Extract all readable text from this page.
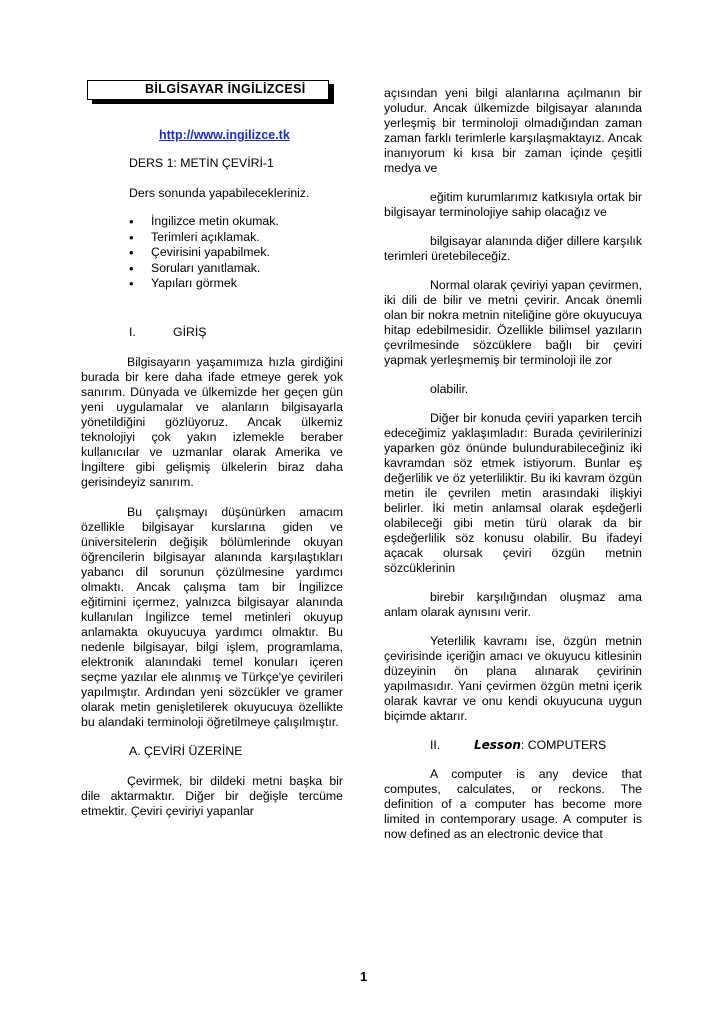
BİLGİSAYAR İNGİLİZCESİ

http://www.ingilizce.tk

DERS 1: METİN ÇEVİRİ-1

Ders sonunda yapabilecekleriniz.

• İngilizce metin okumak.
• Terimleri açıklamak.
• Çevirisini yapabilmek.
• Soruları yanıtlamak.
• Yapıları görmek

I.	GİRİŞ

Bilgisayarın yaşamımıza hızla girdiğini burada bir kere daha ifade etmeye gerek yok sanırım. Dünyada ve ülkemizde her geçen gün yeni uygulamalar ve alanların bilgisayarla yönetildiğini gözlüyoruz. Ancak ülkemiz teknolojiyi çok yakın izlemekle beraber kullanıcılar ve uzmanlar olarak Amerika ve İngiltere gibi gelişmiş ülkelerin biraz daha gerisindeyiz sanırım.

Bu çalışmayı düşünürken amacım özellikle bilgisayar kurslarına giden ve üniversitelerin değişik bölümlerinde okuyan öğrencilerin bilgisayar alanında karşılaştıkları yabancı dil sorunun çözülmesine yardımcı olmaktı. Ancak çalışma tam bir İngilizce eğitimini içermez, yalnızca bilgisayar alanında kullanılan İngilizce temel metinleri okuyup anlamakta okuyucuya yardımcı olmaktır. Bu nedenle bilgisayar, bilgi işlem, programlama, elektronik alanındaki temel konuları içeren seçme yazılar ele alınmış ve Türkçe'ye çevirileri yapılmıştır. Ardından yeni sözcükler ve gramer olarak metin genişletilerek okuyucuya özellikte bu alandaki terminoloji öğretilmeye çalışılmıştır.

A. ÇEVİRİ ÜZERİNE

Çevirmek, bir dildeki metni başka bir dile aktarmaktır. Diğer bir değişle tercüme etmektir. Çeviri çeviriyi yapanlar

açısından yeni bilgi alanlarına açılmanın bir yoludur. Ancak ülkemizde bilgisayar alanında yerleşmiş bir terminoloji olmadığından zaman zaman farklı terimlerle karşılaşmaktayız. Ancak inanıyorum ki kısa bir zaman içinde çeşitli medya ve

eğitim kurumlarımız katkısıyla ortak bir bilgisayar terminolojiye sahip olacağız ve

bilgisayar alanında diğer dillere karşılık terimleri üretebileceğiz.

Normal olarak çeviriyi yapan çevirmen, iki dili de bilir ve metni çevirir. Ancak önemli olan bir nokra metnin niteliğine göre okuyucuya hitap edebilmesidir. Özellikle bilimsel yazıların çevrilmesinde sözcüklere bağlı bir çeviri yapmak yerleşmemiş bir terminoloji ile zor

olabilir.

Diğer bir konuda çeviri yaparken tercih edeceğimiz yaklaşımladır: Burada çevirilerinizi yaparken göz önünde bulundurabileceğiniz iki kavramdan söz etmek istiyorum. Bunlar eş değerlilik ve öz yeterliliktir. Bu iki kavram özgün metin ile çevrilen metin arasındaki ilişkiyi belirler. İki metin anlamsal olarak eşdeğerli olabileceği gibi metin türü olarak da bir eşdeğerlilik söz konusu olabilir. Bu ifadeyi açacak olursak çeviri özgün metnin sözcüklerinin

birebir karşılığından oluşmaz ama anlam olarak aynısını verir.

Yeterlilik kavramı ise, özgün metnin çevirisinde içeriğin amacı ve okuyucu kitlesinin düzeyinin ön plana alınarak çevirinin yapılmasıdır. Yani çevirmen özgün metni içerik olarak kavrar ve onu kendi okuyucuna uygun biçimde aktarır.

II.	Lesson: COMPUTERS

A computer is any device that computes, calculates, or reckons. The definition of a computer has become more limited in contemporary usage. A computer is now defined as an electronic device that

1
